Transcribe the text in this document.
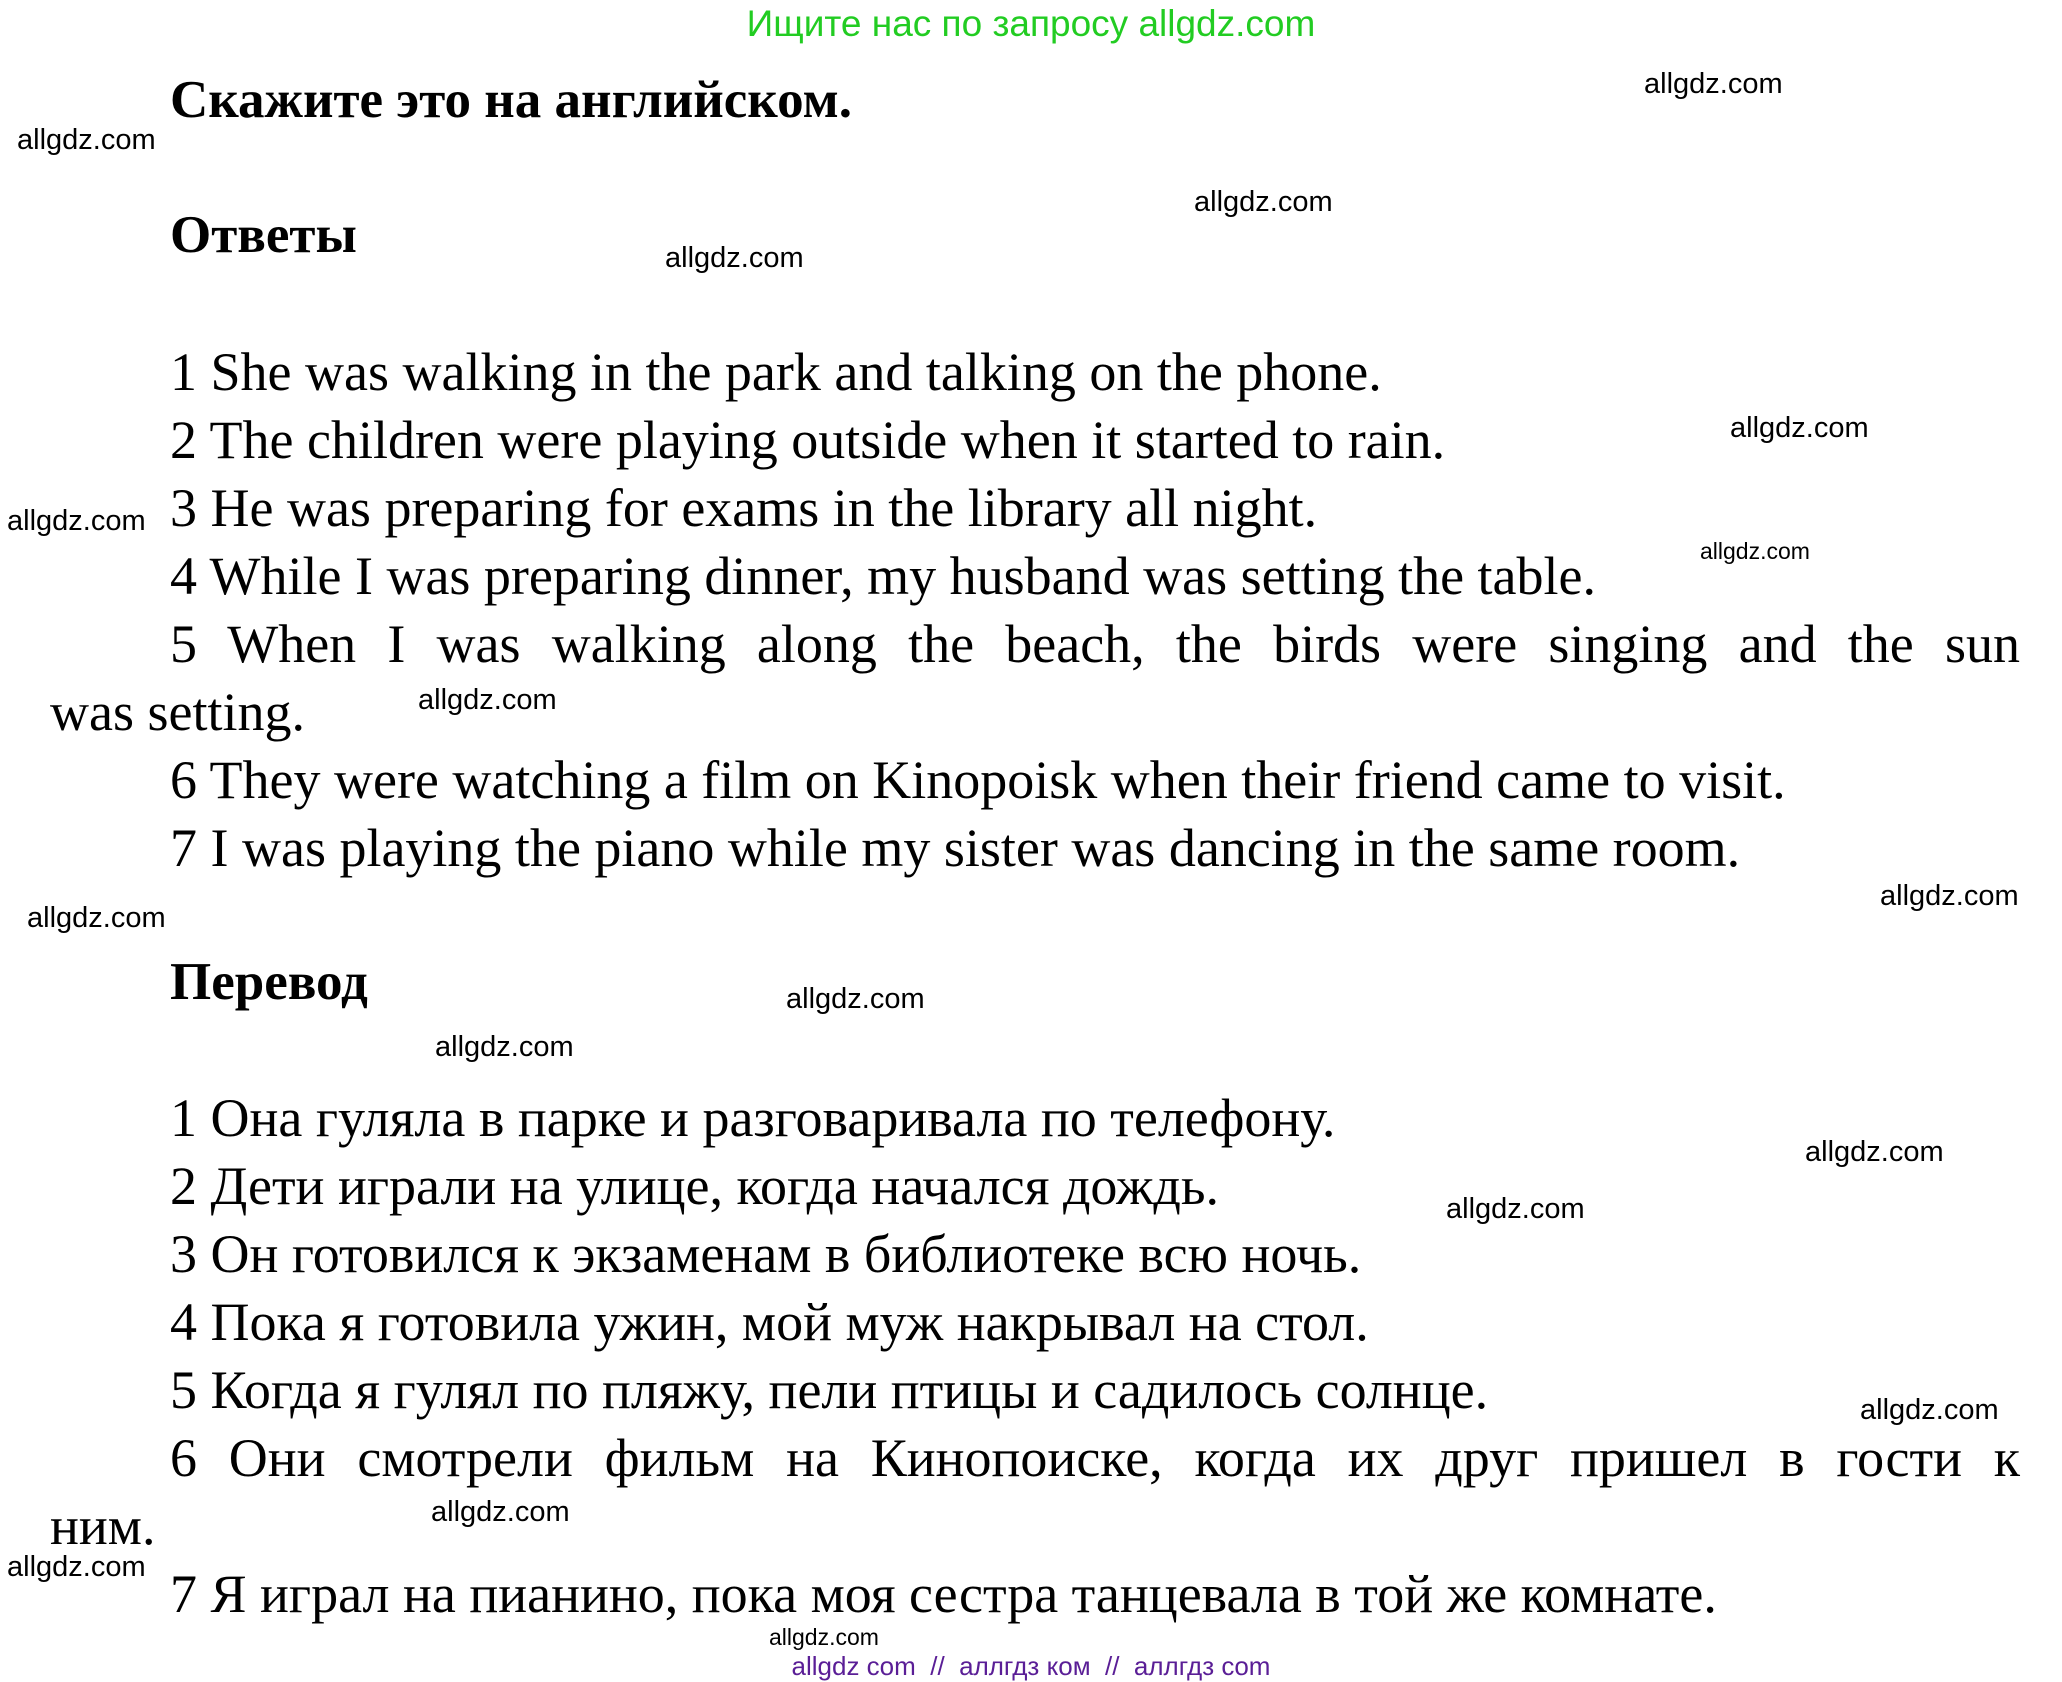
Ищите нас по запросу allgdz.com
Скажите это на английском.
Ответы
1 She was walking in the park and talking on the phone.
2 The children were playing outside when it started to rain.
3 He was preparing for exams in the library all night.
4 While I was preparing dinner, my husband was setting the table.
5 When I was walking along the beach, the birds were singing and the sun
was setting.
6 They were watching a film on Kinopoisk when their friend came to visit.
7 I was playing the piano while my sister was dancing in the same room.
Перевод
1 Она гуляла в парке и разговаривала по телефону.
2 Дети играли на улице, когда начался дождь.
3 Он готовился к экзаменам в библиотеке всю ночь.
4 Пока я готовила ужин, мой муж накрывал на стол.
5 Когда я гулял по пляжу, пели птицы и садилось солнце.
6 Они смотрели фильм на Кинопоиске, когда их друг пришел в гости к
ним.
7 Я играл на пианино, пока моя сестра танцевала в той же комнате.
allgdz.com
allgdz.com
allgdz.com
allgdz.com
allgdz.com
allgdz.com
allgdz.com
allgdz.com
allgdz.com
allgdz.com
allgdz.com
allgdz.com
allgdz.com
allgdz.com
allgdz.com
allgdz.com
allgdz.com
allgdz.com
allgdz com  //  аллгдз ком  //  аллгдз com
